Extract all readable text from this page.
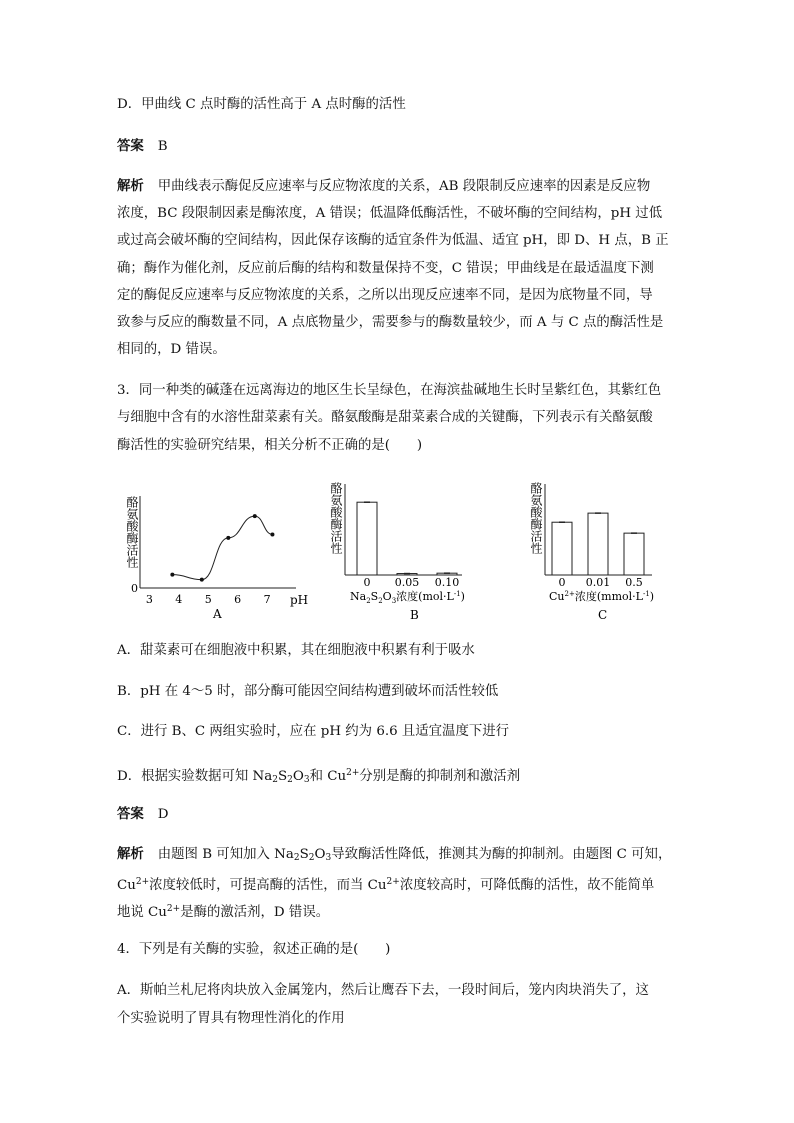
D．甲曲线 C 点时酶的活性高于 A 点时酶的活性
答案 B
解析 甲曲线表示酶促反应速率与反应物浓度的关系，AB 段限制反应速率的因素是反应物
浓度，BC 段限制因素是酶浓度，A 错误；低温降低酶活性，不破坏酶的空间结构，pH 过低
或过高会破坏酶的空间结构，因此保存该酶的适宜条件为低温、适宜 pH，即 D、H 点，B 正
确；酶作为催化剂，反应前后酶的结构和数量保持不变，C 错误；甲曲线是在最适温度下测
定的酶促反应速率与反应物浓度的关系，之所以出现反应速率不同，是因为底物量不同，导
致参与反应的酶数量不同，A 点底物量少，需要参与的酶数量较少，而 A 与 C 点的酶活性是
相同的，D 错误。
3．同一种类的碱蓬在远离海边的地区生长呈绿色，在海滨盐碱地生长时呈紫红色，其紫红色
与细胞中含有的水溶性甜菜素有关。酪氨酸酶是甜菜素合成的关键酶，下列表示有关酪氨酸
酶活性的实验研究结果，相关分析不正确的是(　　)
酪氨酸酶活性
0
3 4 5 6 7 pH
A
酪氨酸酶活性
0 0.05 0.10
$Na_2S_2O_3$浓度$(mol\cdot L^{-1})$
B
酪氨酸酶活性
0 0.01 0.5
$Cu^{2+}$浓度$(mmol\cdot L^{-1})$
C
A．甜菜素可在细胞液中积累，其在细胞液中积累有利于吸水
B．pH 在 4～5 时，部分酶可能因空间结构遭到破坏而活性较低
C．进行 B、C 两组实验时，应在 pH 约为 6.6 且适宜温度下进行
D．根据实验数据可知 $Na_2S_2O_3$和 $Cu^{2+}$分别是酶的抑制剂和激活剂
答案 D
解析 由题图 B 可知加入 $Na_2S_2O_3$导致酶活性降低，推测其为酶的抑制剂。由题图 C 可知，
$Cu^{2+}$浓度较低时，可提高酶的活性，而当 $Cu^{2+}$浓度较高时，可降低酶的活性，故不能简单
地说 $Cu^{2+}$是酶的激活剂，D 错误。
4．下列是有关酶的实验，叙述正确的是(　　)
A．斯帕兰札尼将肉块放入金属笼内，然后让鹰吞下去，一段时间后，笼内肉块消失了，这
个实验说明了胃具有物理性消化的作用
